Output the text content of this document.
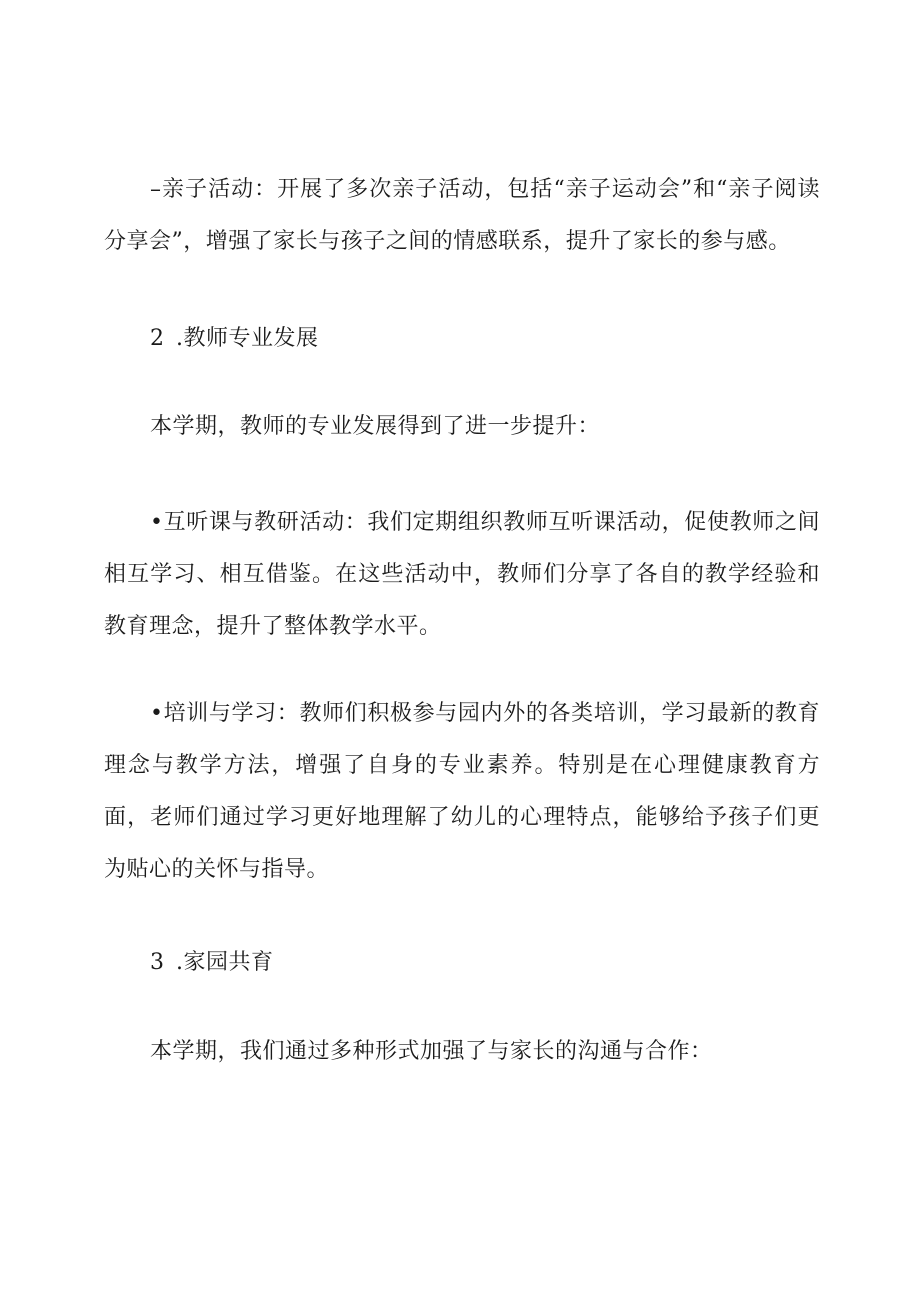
–亲子活动：开展了多次亲子活动，包括“亲子运动会”和“亲子阅读分享会”，增强了家长与孩子之间的情感联系，提升了家长的参与感。

2 .教师专业发展

本学期，教师的专业发展得到了进一步提升：

•互听课与教研活动：我们定期组织教师互听课活动，促使教师之间相互学习、相互借鉴。在这些活动中，教师们分享了各自的教学经验和教育理念，提升了整体教学水平。

•培训与学习：教师们积极参与园内外的各类培训，学习最新的教育理念与教学方法，增强了自身的专业素养。特别是在心理健康教育方面，老师们通过学习更好地理解了幼儿的心理特点，能够给予孩子们更为贴心的关怀与指导。

3 .家园共育

本学期，我们通过多种形式加强了与家长的沟通与合作：
